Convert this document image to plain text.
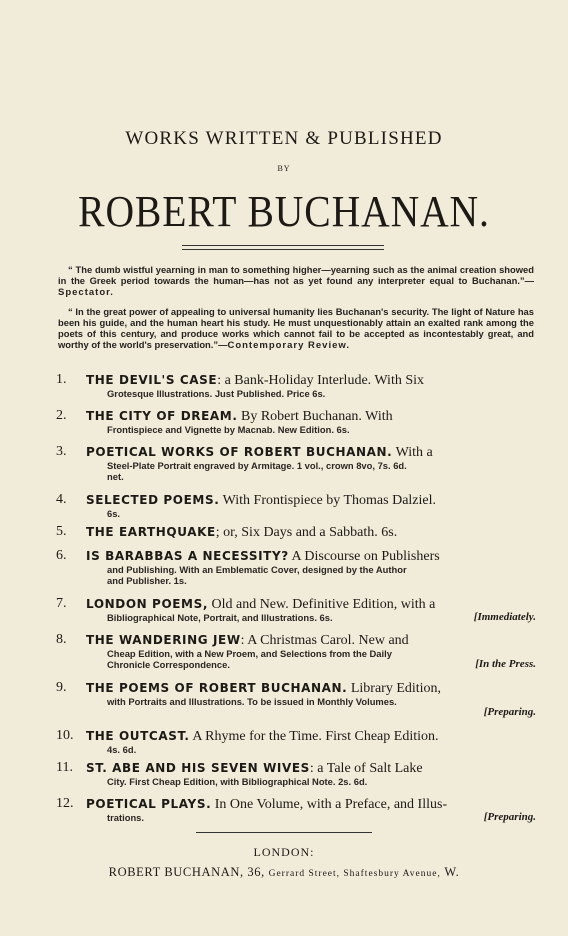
WORKS WRITTEN & PUBLISHED
BY
ROBERT BUCHANAN.
“ The dumb wistful yearning in man to something higher—yearning such as the animal creation showed in the Greek period towards the human—has not as yet found any interpreter equal to Buchanan.”—Spectator.
“ In the great power of appealing to universal humanity lies Buchanan's security. The light of Nature has been his guide, and the human heart his study. He must unquestionably attain an exalted rank among the poets of this century, and produce works which cannot fail to be accepted as incontestably great, and worthy of the world's preservation.”—Contemporary Review.
1.	THE DEVIL'S CASE: a Bank-Holiday Interlude. With Six
Grotesque Illustrations. Just Published. Price 6s.
2.	THE CITY OF DREAM. By Robert Buchanan. With
Frontispiece and Vignette by Macnab. New Edition. 6s.
3.	POETICAL WORKS OF ROBERT BUCHANAN. With a
Steel-Plate Portrait engraved by Armitage. 1 vol., crown 8vo, 7s. 6d.
net.
4.	SELECTED POEMS. With Frontispiece by Thomas Dalziel.
6s.
5.	THE EARTHQUAKE; or, Six Days and a Sabbath. 6s.
6.	IS BARABBAS A NECESSITY? A Discourse on Publishers
and Publishing. With an Emblematic Cover, designed by the Author
and Publisher. 1s.
7.	LONDON POEMS, Old and New. Definitive Edition, with a
Bibliographical Note, Portrait, and Illustrations. 6s.	[Immediately.
8.	THE WANDERING JEW: A Christmas Carol. New and
Cheap Edition, with a New Proem, and Selections from the Daily
Chronicle Correspondence.	[In the Press.
9.	THE POEMS OF ROBERT BUCHANAN. Library Edition,
with Portraits and Illustrations. To be issued in Monthly Volumes.
[Preparing.
10.	THE OUTCAST. A Rhyme for the Time. First Cheap Edition.
4s. 6d.
11.	ST. ABE AND HIS SEVEN WIVES: a Tale of Salt Lake
City. First Cheap Edition, with Bibliographical Note. 2s. 6d.
12.	POETICAL PLAYS. In One Volume, with a Preface, and Illus-
trations.	[Preparing.
LONDON:
ROBERT BUCHANAN, 36, Gerrard Street, Shaftesbury Avenue, W.
